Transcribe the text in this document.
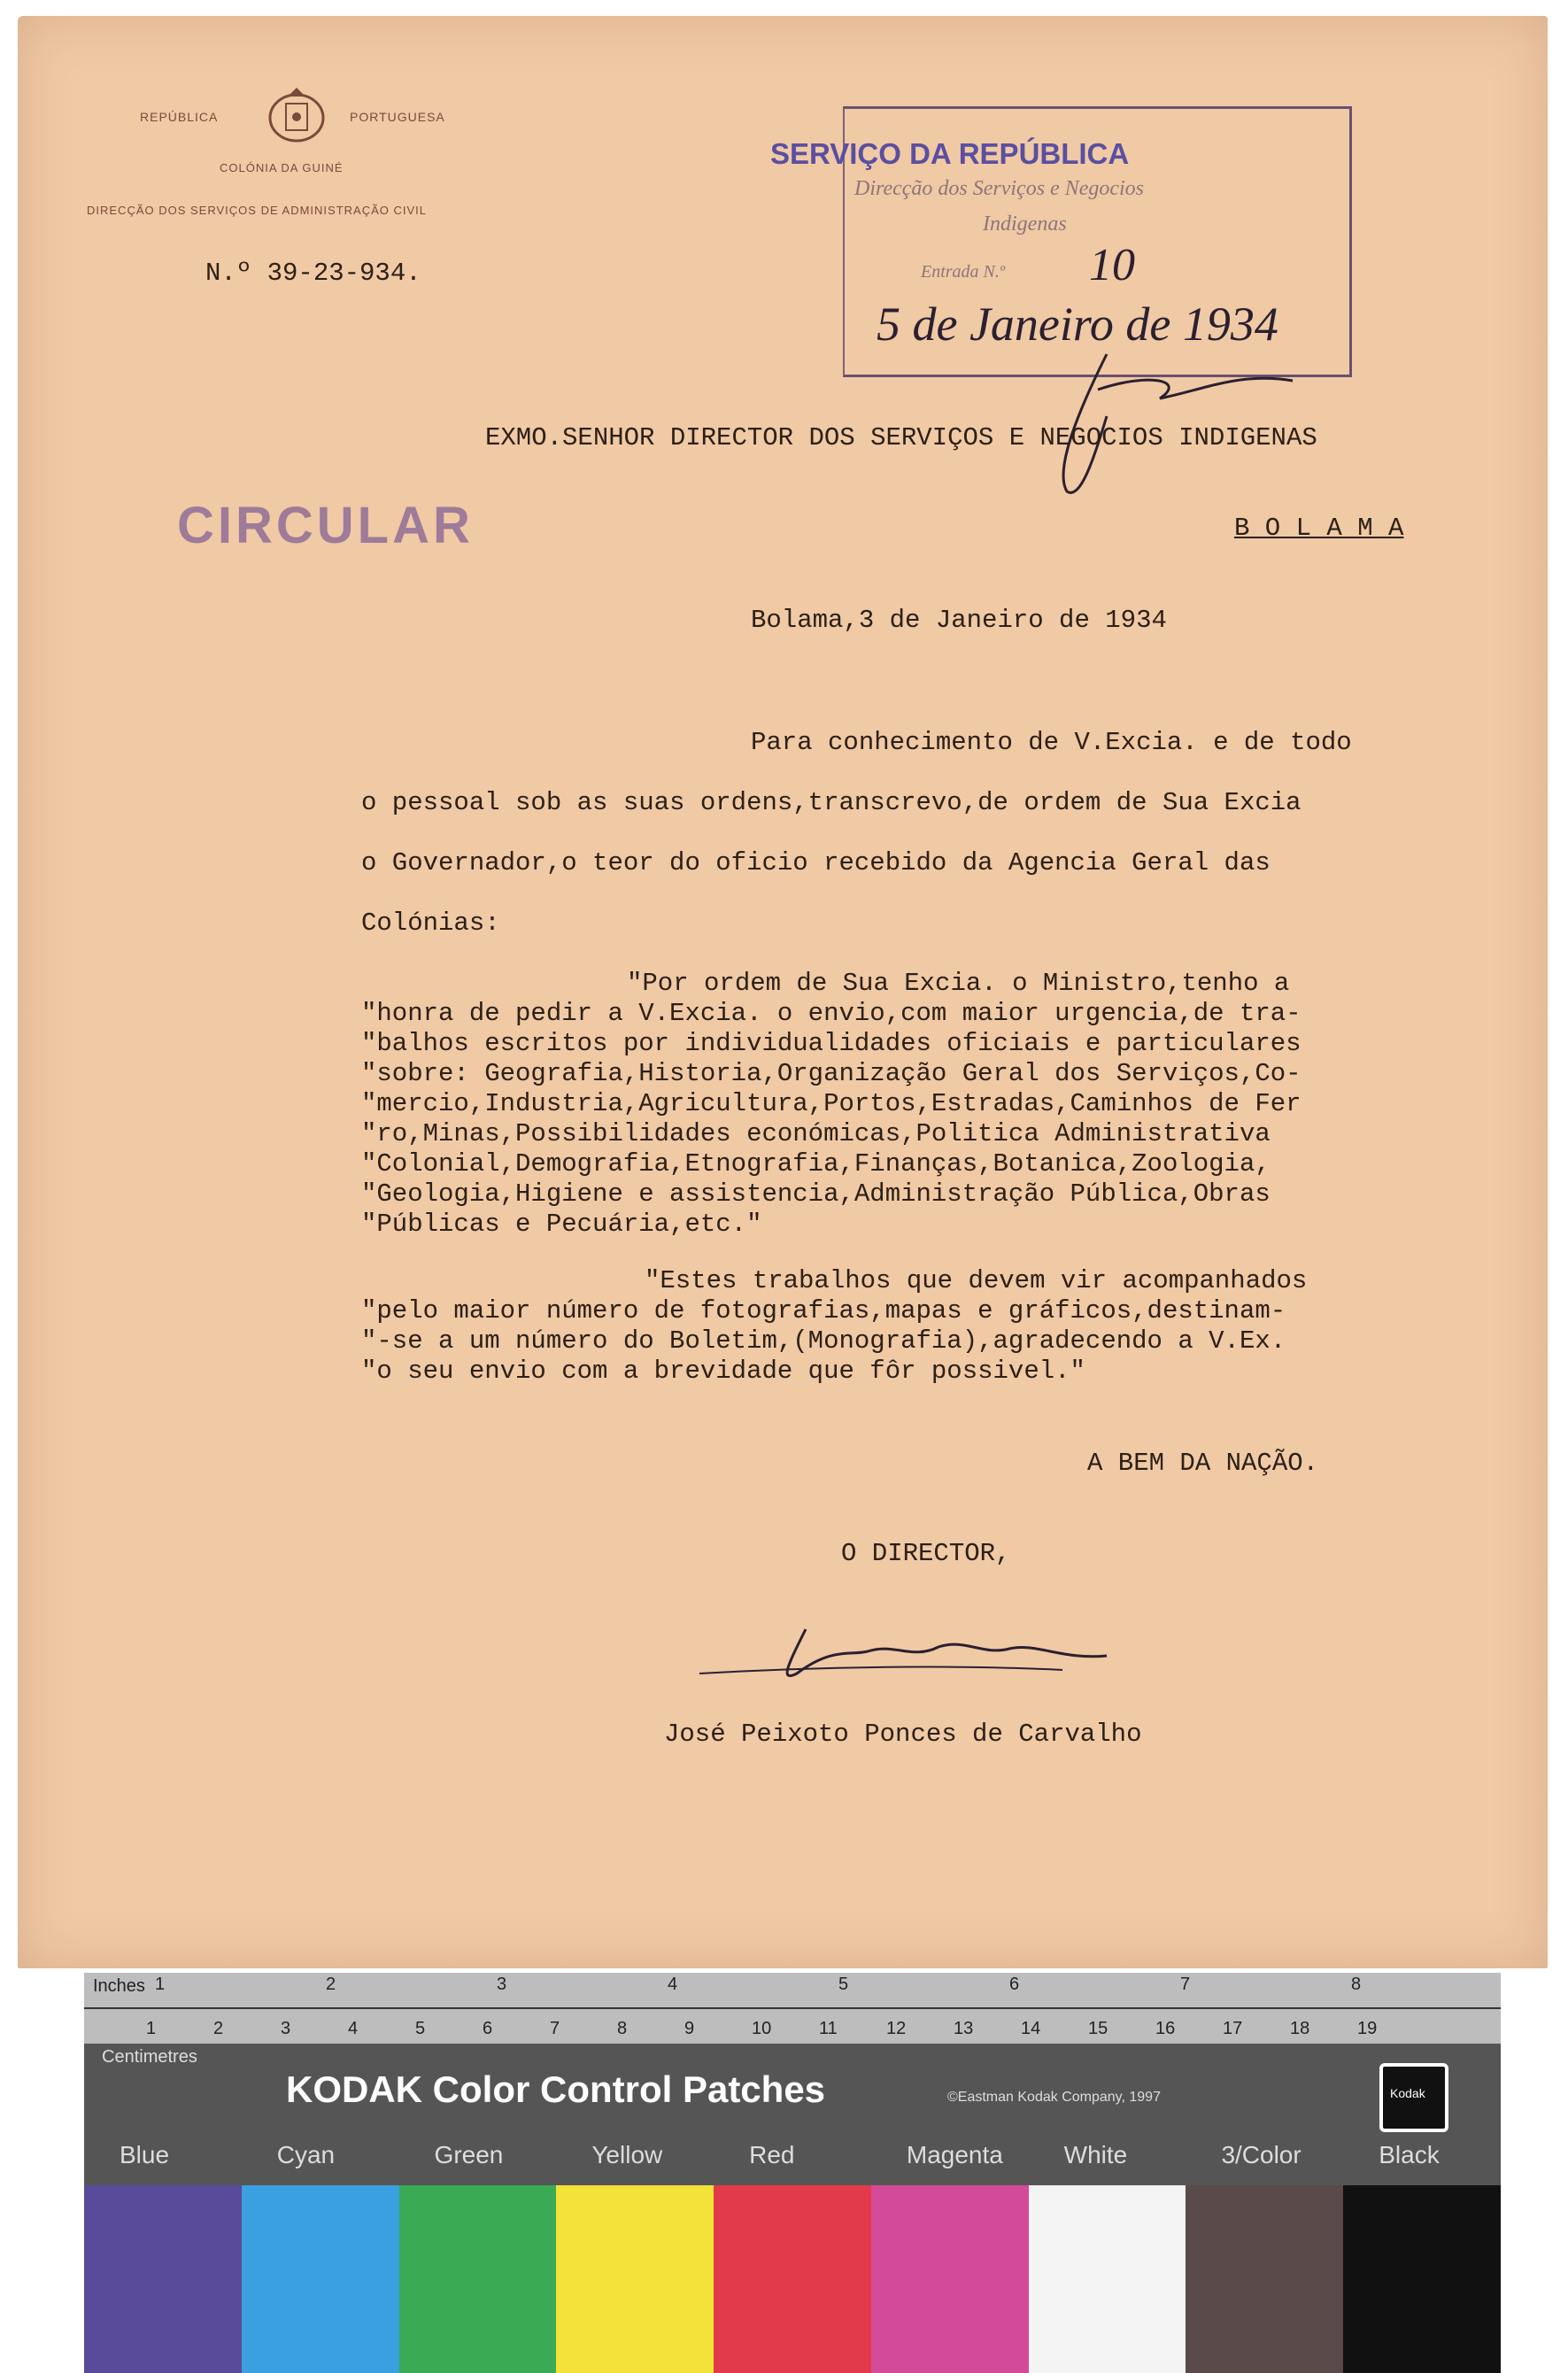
REPÚBLICA	PORTUGUESA
COLÓNIA DA GUINÉ
DIRECÇÃO DOS SERVIÇOS DE ADMINISTRAÇÃO CIVIL
N.º 39-23-934.
SERVIÇO DA REPÚBLICA
Direcção dos Serviços e Negocios
Indigenas
Entrada N.º 10
5 de Janeiro de 1934
CIRCULAR
EXMO.SENHOR DIRECTOR DOS SERVIÇOS E NEGOCIOS INDIGENAS
B O L A M A
Bolama,3 de Janeiro de 1934
Para conhecimento de V.Excia. e de todo
o pessoal sob as suas ordens,transcrevo,de ordem de Sua Excia
o Governador,o teor do oficio recebido da Agencia Geral das
Colónias:
"Por ordem de Sua Excia. o Ministro,tenho a
"honra de pedir a V.Excia. o envio,com maior urgencia,de tra-
"balhos escritos por individualidades oficiais e particulares
"sobre: Geografia,Historia,Organização Geral dos Serviços,Co-
"mercio,Industria,Agricultura,Portos,Estradas,Caminhos de Fer
"ro,Minas,Possibilidades económicas,Politica Administrativa
"Colonial,Demografia,Etnografia,Finanças,Botanica,Zoologia,
"Geologia,Higiene e assistencia,Administração Pública,Obras
"Públicas e Pecuária,etc."
"Estes trabalhos que devem vir acompanhados
"pelo maior número de fotografias,mapas e gráficos,destinam-
"-se a um número do Boletim,(Monografia),agradecendo a V.Ex.
"o seu envio com a brevidade que fôr possivel."
A BEM DA NAÇÃO.
O DIRECTOR,
José Peixoto Ponces de Carvalho
1	2	3	4	5	6	7	8
1	2	3	4	5	6	7	8	9	10	11	12	13	14	15	16	17	18	19
Centimetres
KODAK Color Control Patches	©Eastman Kodak Company, 1997	Kodak
Blue	Cyan	Green	Yellow	Red	Magenta White	3/Color	Black
Inches
